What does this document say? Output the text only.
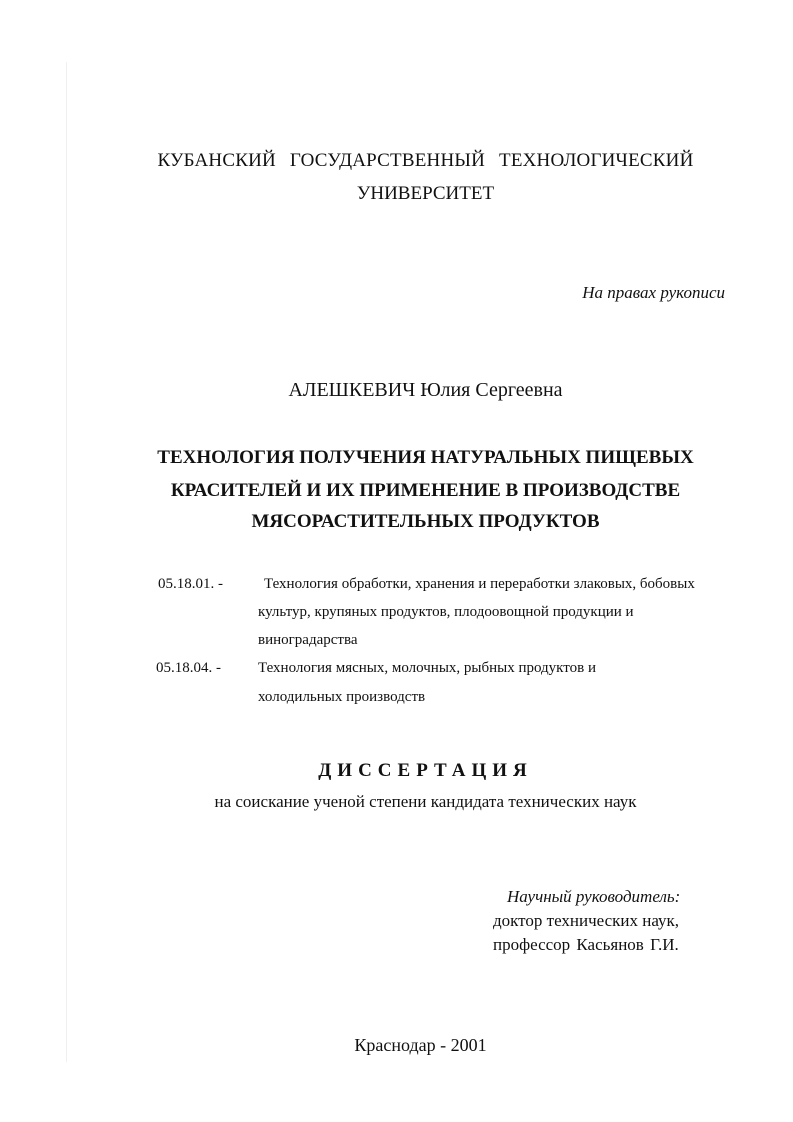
КУБАНСКИЙ ГОСУДАРСТВЕННЫЙ ТЕХНОЛОГИЧЕСКИЙ
УНИВЕРСИТЕТ
На правах рукописи
АЛЕШКЕВИЧ Юлия Сергеевна
ТЕХНОЛОГИЯ ПОЛУЧЕНИЯ НАТУРАЛЬНЫХ ПИЩЕВЫХ
КРАСИТЕЛЕЙ И ИХ ПРИМЕНЕНИЕ В ПРОИЗВОДСТВЕ
МЯСОРАСТИТЕЛЬНЫХ ПРОДУКТОВ
05.18.01. -	Технология обработки, хранения и переработки злаковых, бобовых
культур, крупяных продуктов, плодоовощной продукции и
виноградарства
05.18.04. - Технология мясных, молочных, рыбных продуктов и
холодильных производств
ДИССЕРТАЦИЯ
на соискание ученой степени кандидата технических наук
Научный руководитель:
доктор технических наук,
профессор Касьянов Г.И.
Краснодар - 2001
